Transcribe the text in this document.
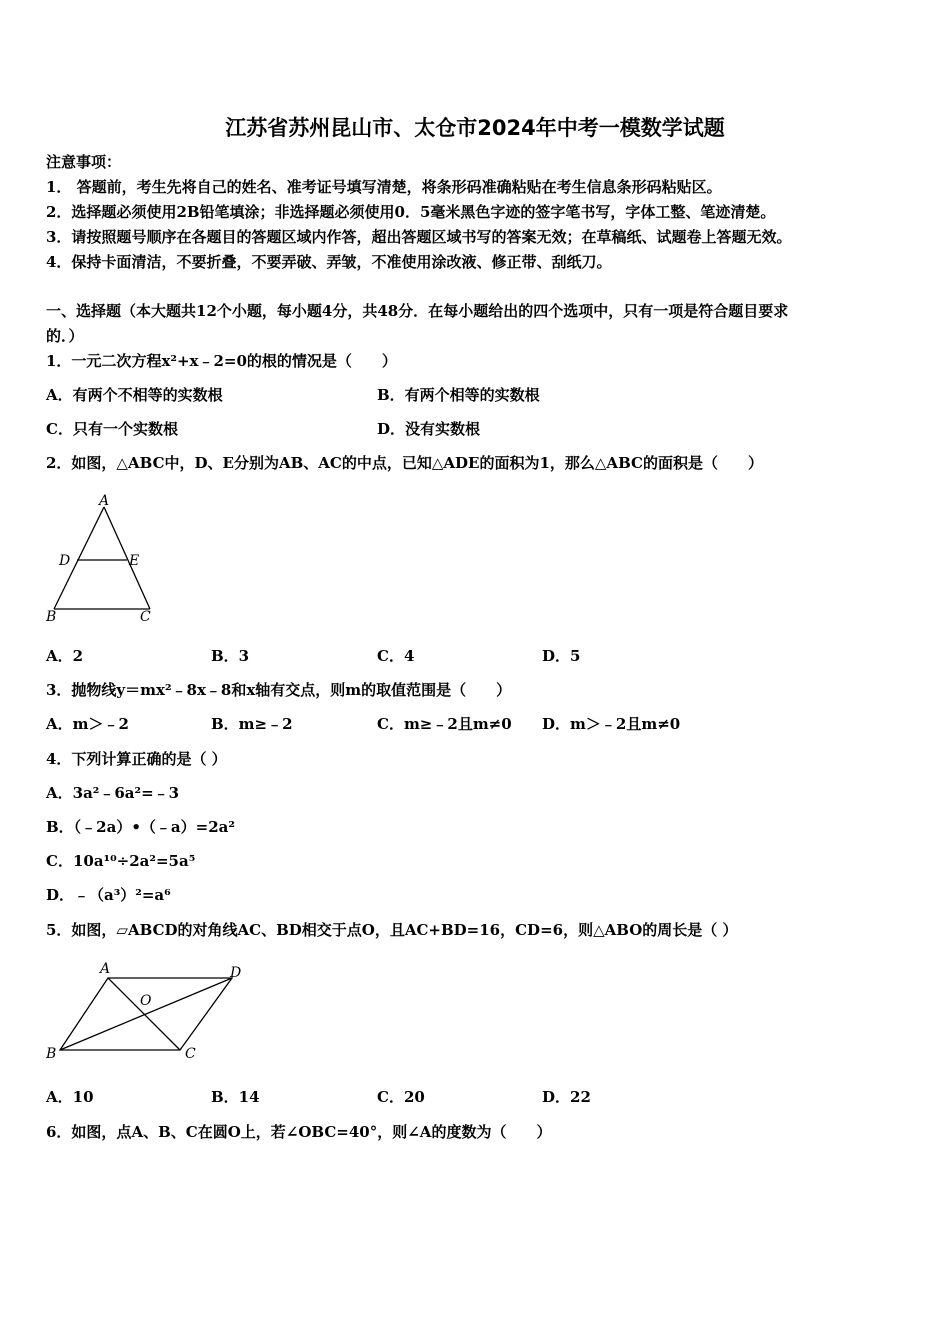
江苏省苏州昆山市、太仓市2024年中考一模数学试题
注意事项：
1． 答题前，考生先将自己的姓名、准考证号填写清楚，将条形码准确粘贴在考生信息条形码粘贴区。
2．选择题必须使用2B铅笔填涂；非选择题必须使用0．5毫米黑色字迹的签字笔书写，字体工整、笔迹清楚。
3．请按照题号顺序在各题目的答题区域内作答，超出答题区域书写的答案无效；在草稿纸、试题卷上答题无效。
4．保持卡面清洁，不要折叠，不要弄破、弄皱，不准使用涂改液、修正带、刮纸刀。
一、选择题（本大题共12个小题，每小题4分，共48分．在每小题给出的四个选项中，只有一项是符合题目要求
的．）
1．一元二次方程x²+x﹣2=0的根的情况是（　　）
A．有两个不相等的实数根	B．有两个相等的实数根
C．只有一个实数根	D．没有实数根
2．如图，△ABC中，D、E分别为AB、AC的中点，已知△ADE的面积为1，那么△ABC的面积是（　　）
A
D	E
B	C
A．2	B．3	C．4	D．5
3．抛物线y＝mx²﹣8x﹣8和x轴有交点，则m的取值范围是（　　）
A．m＞﹣2	B．m≥﹣2	C．m≥﹣2且m≠0 D．m＞﹣2且m≠0
4．下列计算正确的是（ ）
A．3a²﹣6a²=﹣3
B．（﹣2a）•（﹣a）=2a²
C．10a¹⁰÷2a²=5a⁵
D．﹣（a³）²=a⁶
5．如图，▱ABCD的对角线AC、BD相交于点O，且AC+BD=16，CD=6，则△ABO的周长是（ ）
A	D
O
B	C
A．10	B．14	C．20	D．22
6．如图，点A、B、C在圆O上，若∠OBC=40°，则∠A的度数为（　　）
